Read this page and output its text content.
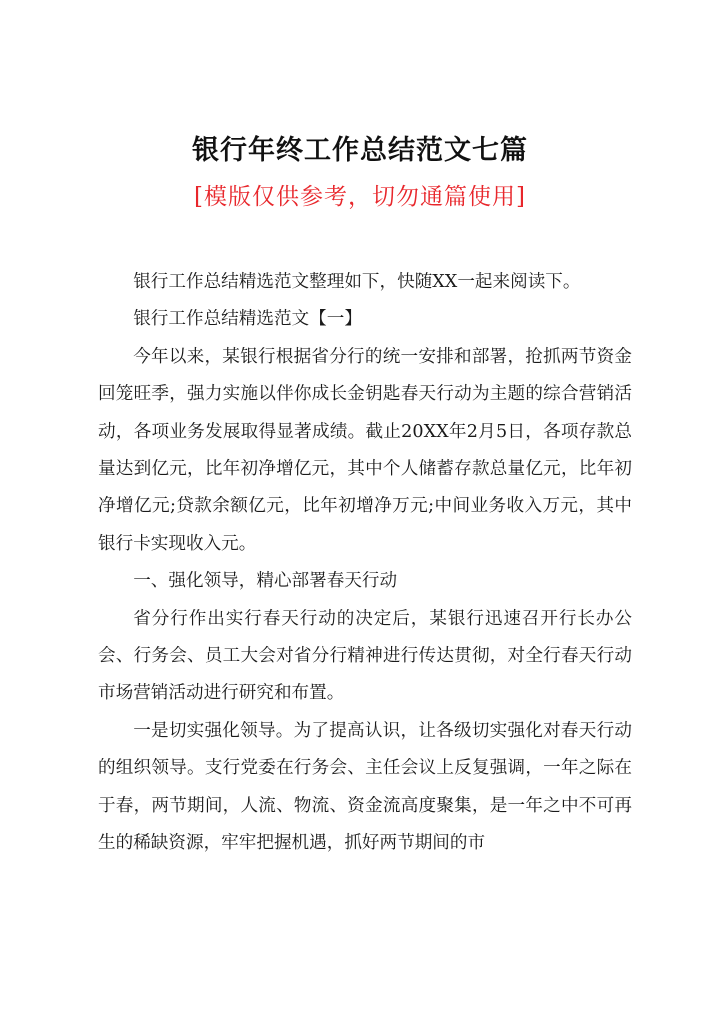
银行年终工作总结范文七篇
[模版仅供参考，切勿通篇使用]

银行工作总结精选范文整理如下，快随XX一起来阅读下。

银行工作总结精选范文【一】

今年以来，某银行根据省分行的统一安排和部署，抢抓两节资金回笼旺季，强力实施以伴你成长金钥匙春天行动为主题的综合营销活动，各项业务发展取得显著成绩。截止20XX年2月5日，各项存款总量达到亿元，比年初净增亿元，其中个人储蓄存款总量亿元，比年初净增亿元;贷款余额亿元，比年初增净万元;中间业务收入万元，其中银行卡实现收入元。

一、强化领导，精心部署春天行动

省分行作出实行春天行动的决定后，某银行迅速召开行长办公会、行务会、员工大会对省分行精神进行传达贯彻，对全行春天行动市场营销活动进行研究和布置。

一是切实强化领导。为了提高认识，让各级切实强化对春天行动的组织领导。支行党委在行务会、主任会议上反复强调，一年之际在于春，两节期间，人流、物流、资金流高度聚集，是一年之中不可再生的稀缺资源，牢牢把握机遇，抓好两节期间的市
